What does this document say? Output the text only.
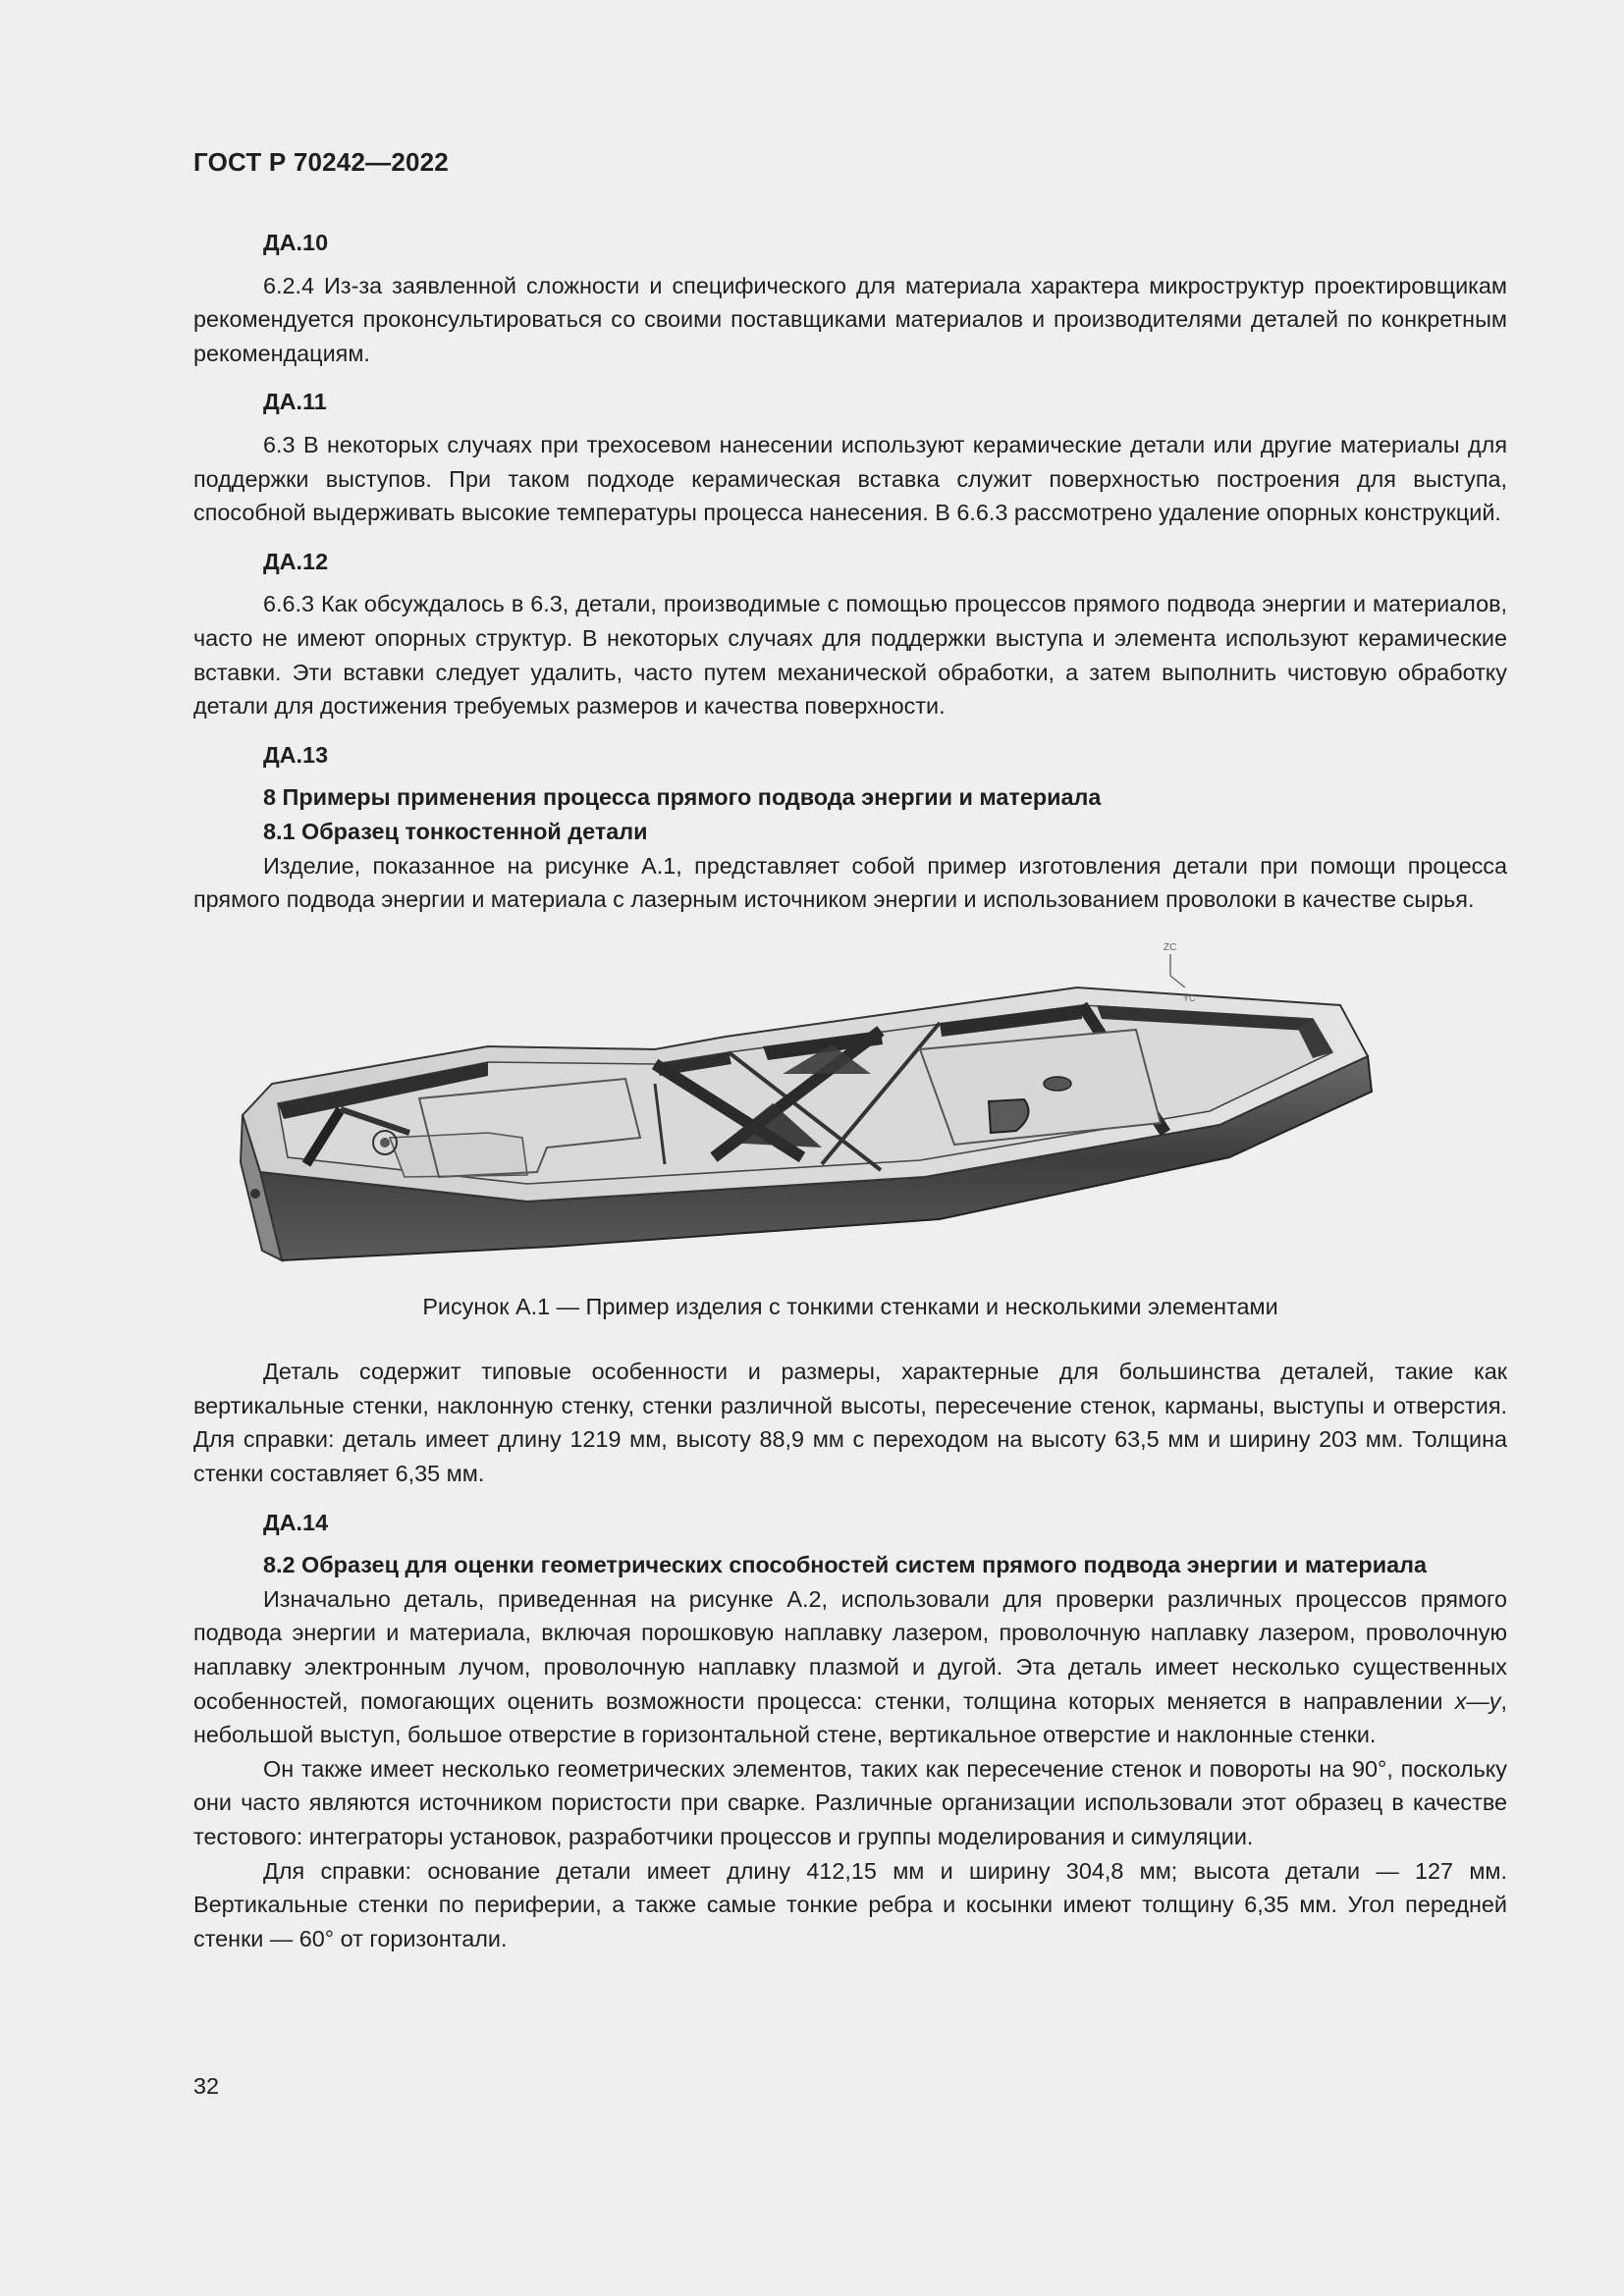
ГОСТ Р 70242—2022
ДА.10

6.2.4 Из-за заявленной сложности и специфического для материала характера микроструктур проектировщикам рекомендуется проконсультироваться со своими поставщиками материалов и производителями деталей по конкретным рекомендациям.

ДА.11

6.3 В некоторых случаях при трехосевом нанесении используют керамические детали или другие материалы для поддержки выступов. При таком подходе керамическая вставка служит поверхностью построения для выступа, способной выдерживать высокие температуры процесса нанесения. В 6.6.3 рассмотрено удаление опорных конструкций.

ДА.12

6.6.3 Как обсуждалось в 6.3, детали, производимые с помощью процессов прямого подвода энергии и материалов, часто не имеют опорных структур. В некоторых случаях для поддержки выступа и элемента используют керамические вставки. Эти вставки следует удалить, часто путем механической обработки, а затем выполнить чистовую обработку детали для достижения требуемых размеров и качества поверхности.

ДА.13
8 Примеры применения процесса прямого подвода энергии и материала
8.1 Образец тонкостенной детали

Изделие, показанное на рисунке А.1, представляет собой пример изготовления детали при помощи процесса прямого подвода энергии и материала с лазерным источником энергии и использованием проволоки в качестве сырья.

ZC
YC
Рисунок А.1 — Пример изделия с тонкими стенками и несколькими элементами

Деталь содержит типовые особенности и размеры, характерные для большинства деталей, такие как вертикальные стенки, наклонную стенку, стенки различной высоты, пересечение стенок, карманы, выступы и отверстия. Для справки: деталь имеет длину 1219 мм, высоту 88,9 мм с переходом на высоту 63,5 мм и ширину 203 мм. Толщина стенки составляет 6,35 мм.

ДА.14
8.2 Образец для оценки геометрических способностей систем прямого подвода энергии и материала

Изначально деталь, приведенная на рисунке А.2, использовали для проверки различных процессов прямого подвода энергии и материала, включая порошковую наплавку лазером, проволочную наплавку лазером, проволочную наплавку электронным лучом, проволочную наплавку плазмой и дугой. Эта деталь имеет несколько существенных особенностей, помогающих оценить возможности процесса: стенки, толщина которых меняется в направлении x—y, небольшой выступ, большое отверстие в горизонтальной стене, вертикальное отверстие и наклонные стенки.

Он также имеет несколько геометрических элементов, таких как пересечение стенок и повороты на 90°, поскольку они часто являются источником пористости при сварке. Различные организации использовали этот образец в качестве тестового: интеграторы установок, разработчики процессов и группы моделирования и симуляции.

Для справки: основание детали имеет длину 412,15 мм и ширину 304,8 мм; высота детали — 127 мм. Вертикальные стенки по периферии, а также самые тонкие ребра и косынки имеют толщину 6,35 мм. Угол передней стенки — 60° от горизонтали.

32
